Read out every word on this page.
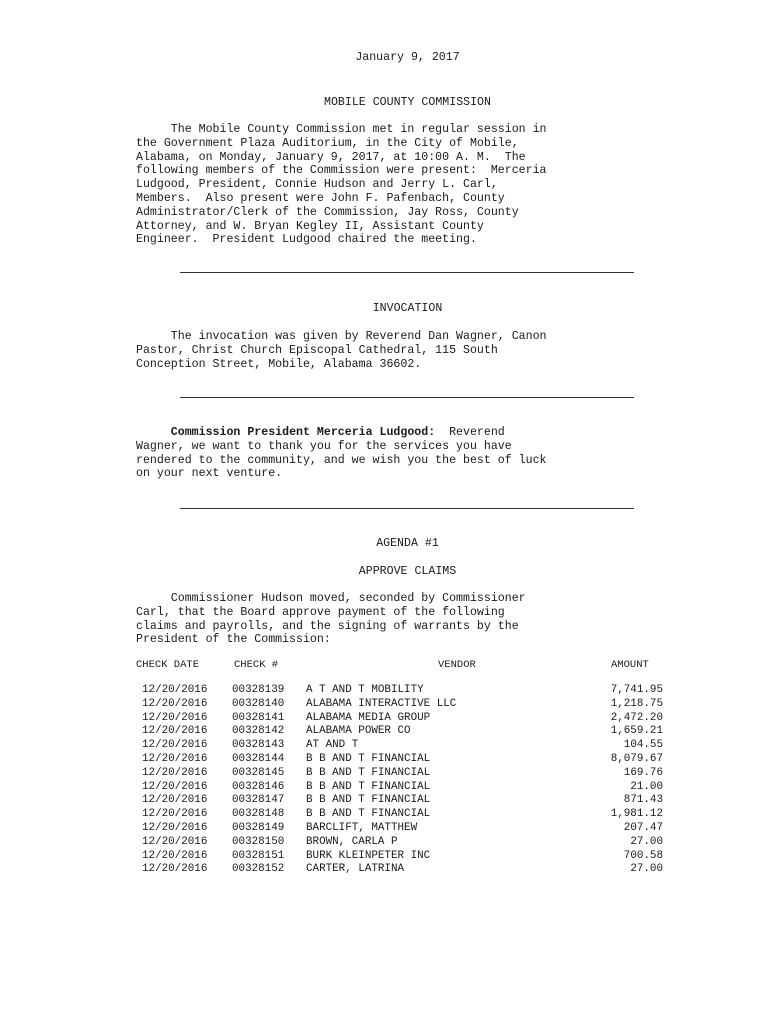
January 9, 2017
MOBILE COUNTY COMMISSION

The Mobile County Commission met in regular session in

the Government Plaza Auditorium, in the City of Mobile,

Alabama, on Monday, January 9, 2017, at 10:00 A. M.  The

following members of the Commission were present:  Merceria

Ludgood, President, Connie Hudson and Jerry L. Carl,

Members.  Also present were John F. Pafenbach, County

Administrator/Clerk of the Commission, Jay Ross, County

Attorney, and W. Bryan Kegley II, Assistant County

Engineer.  President Ludgood chaired the meeting.

INVOCATION

The invocation was given by Reverend Dan Wagner, Canon

Pastor, Christ Church Episcopal Cathedral, 115 South

Conception Street, Mobile, Alabama 36602.

Commission President Merceria Ludgood:  Reverend

Wagner, we want to thank you for the services you have

rendered to the community, and we wish you the best of luck

on your next venture.

AGENDA #1
APPROVE CLAIMS

Commissioner Hudson moved, seconded by Commissioner

Carl, that the Board approve payment of the following

claims and payrolls, and the signing of warrants by the

President of the Commission:

CHECK DATE	CHECK #	VENDOR	AMOUNT
12/20/2016 00328139 A T AND T MOBILITY	7,741.95
12/20/2016 00328140 ALABAMA INTERACTIVE LLC	1,218.75
12/20/2016 00328141 ALABAMA MEDIA GROUP	2,472.20
12/20/2016 00328142 ALABAMA POWER CO	1,659.21
12/20/2016 00328143 AT AND T	104.55
12/20/2016 00328144 B B AND T FINANCIAL	8,079.67
12/20/2016 00328145 B B AND T FINANCIAL	169.76
12/20/2016 00328146 B B AND T FINANCIAL	21.00
12/20/2016 00328147 B B AND T FINANCIAL	871.43
12/20/2016 00328148 B B AND T FINANCIAL	1,981.12
12/20/2016 00328149 BARCLIFT, MATTHEW	207.47
12/20/2016 00328150 BROWN, CARLA P	27.00
12/20/2016 00328151 BURK KLEINPETER INC	700.58
12/20/2016 00328152 CARTER, LATRINA	27.00
